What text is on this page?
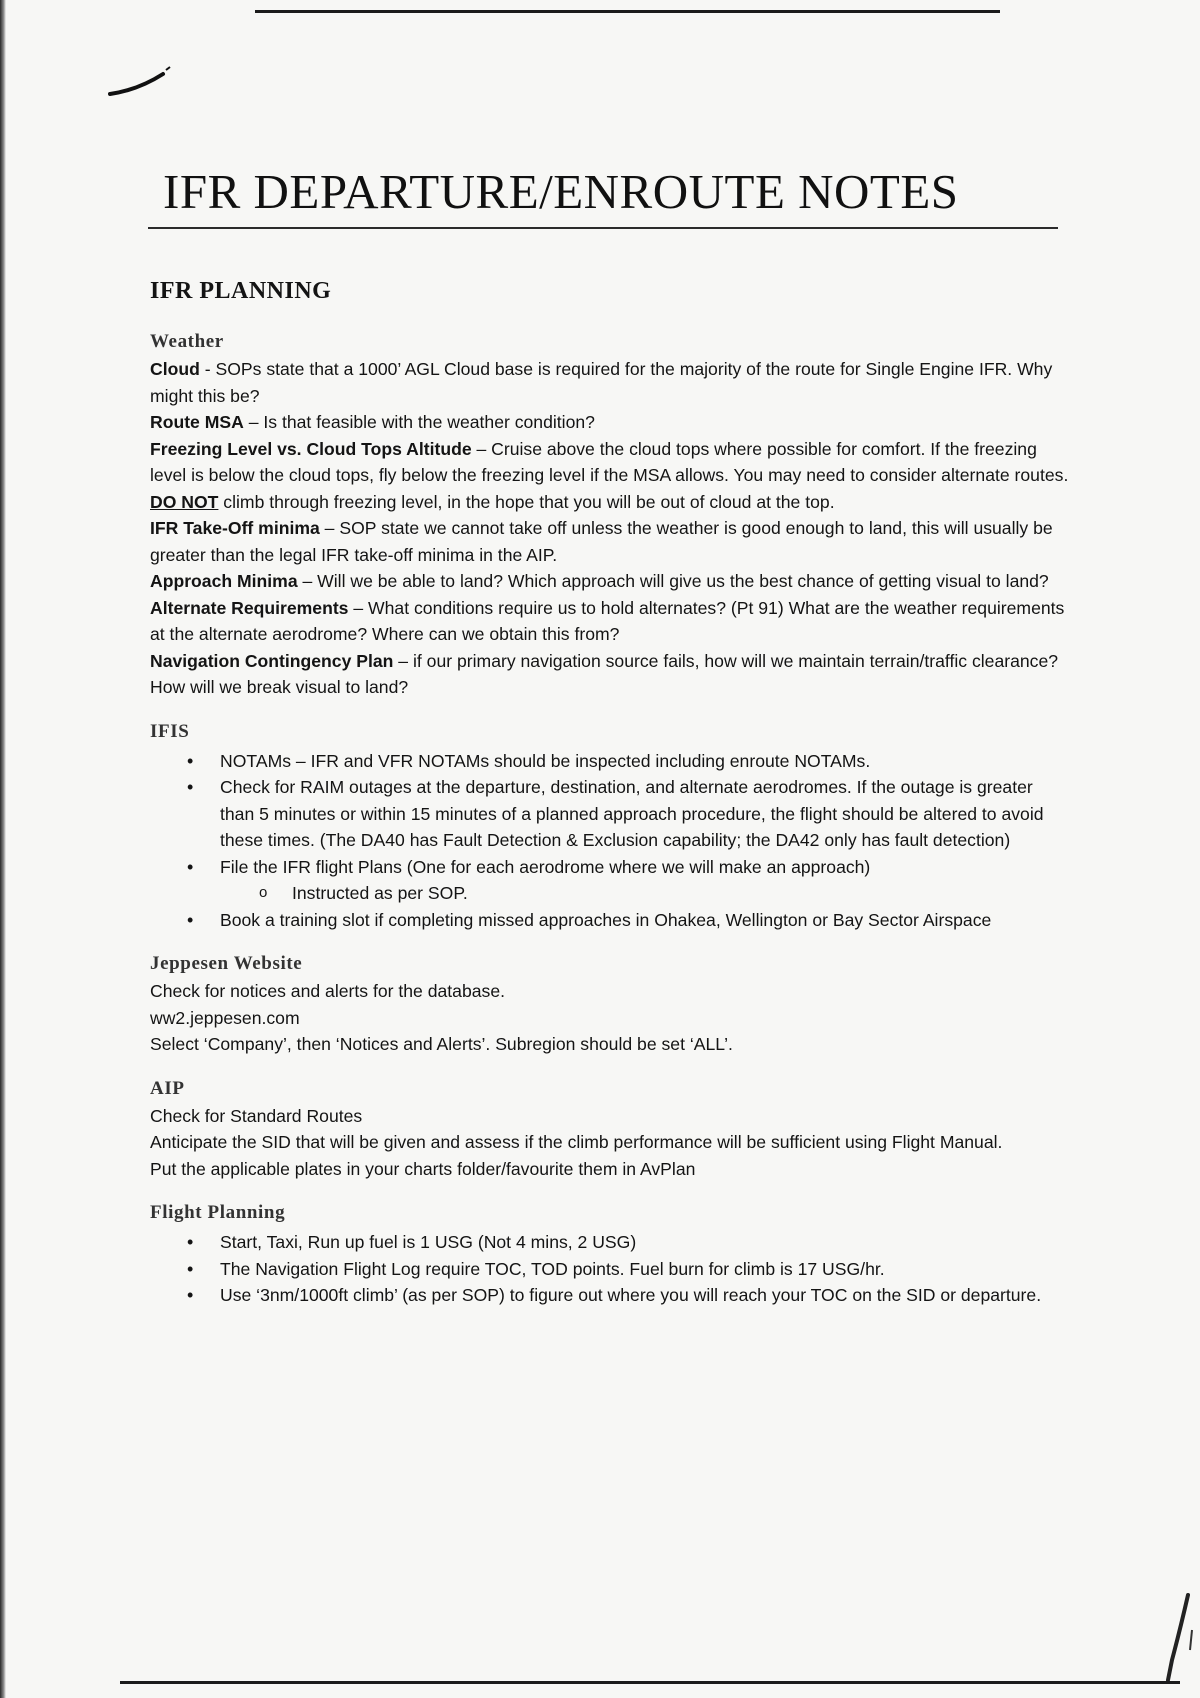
IFR DEPARTURE/ENROUTE NOTES
IFR PLANNING
Weather

Cloud - SOPs state that a 1000’ AGL Cloud base is required for the majority of the route for Single Engine IFR. Why might this be?

Route MSA – Is that feasible with the weather condition?

Freezing Level vs. Cloud Tops Altitude – Cruise above the cloud tops where possible for comfort. If the freezing level is below the cloud tops, fly below the freezing level if the MSA allows. You may need to consider alternate routes. DO NOT climb through freezing level, in the hope that you will be out of cloud at the top.

IFR Take-Off minima – SOP state we cannot take off unless the weather is good enough to land, this will usually be greater than the legal IFR take-off minima in the AIP.

Approach Minima – Will we be able to land? Which approach will give us the best chance of getting visual to land?

Alternate Requirements – What conditions require us to hold alternates? (Pt 91) What are the weather requirements at the alternate aerodrome? Where can we obtain this from?

Navigation Contingency Plan – if our primary navigation source fails, how will we maintain terrain/traffic clearance? How will we break visual to land?

IFIS
• NOTAMs – IFR and VFR NOTAMs should be inspected including enroute NOTAMs.
• Check for RAIM outages at the departure, destination, and alternate aerodromes. If the outage is greater than 5 minutes or within 15 minutes of a planned approach procedure, the flight should be altered to avoid these times. (The DA40 has Fault Detection & Exclusion capability; the DA42 only has fault detection)
• File the IFR flight Plans (One for each aerodrome where we will make an approach)
o Instructed as per SOP.
• Book a training slot if completing missed approaches in Ohakea, Wellington or Bay Sector Airspace
Jeppesen Website

Check for notices and alerts for the database.

ww2.jeppesen.com

Select ‘Company’, then ‘Notices and Alerts’. Subregion should be set ‘ALL’.

AIP

Check for Standard Routes

Anticipate the SID that will be given and assess if the climb performance will be sufficient using Flight Manual.

Put the applicable plates in your charts folder/favourite them in AvPlan

Flight Planning
• Start, Taxi, Run up fuel is 1 USG (Not 4 mins, 2 USG)
• The Navigation Flight Log require TOC, TOD points. Fuel burn for climb is 17 USG/hr.
• Use ‘3nm/1000ft climb’ (as per SOP) to figure out where you will reach your TOC on the SID or departure.
